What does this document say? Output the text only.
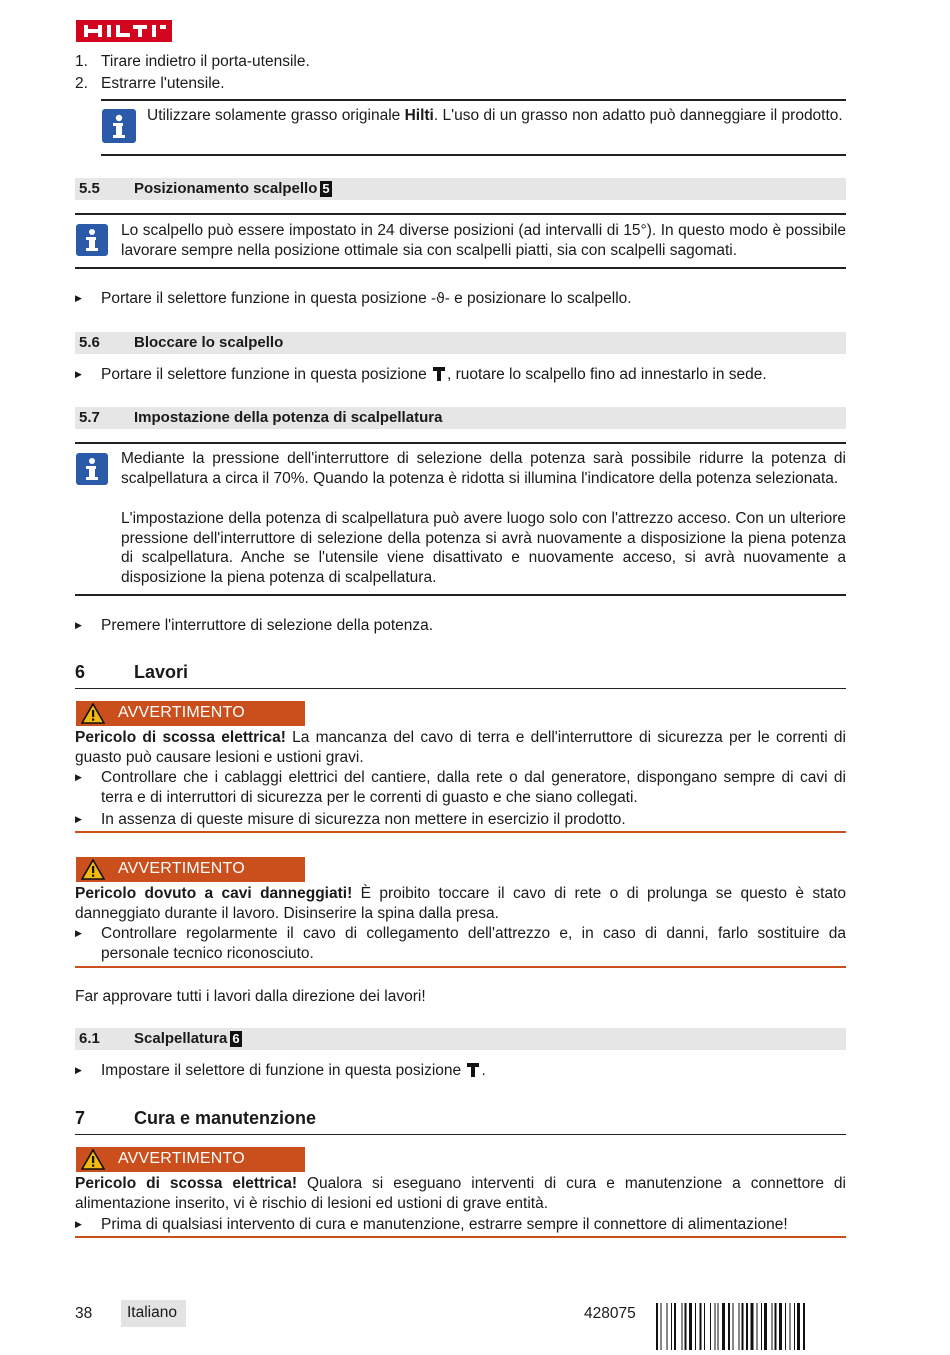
1. Tirare indietro il porta-utensile.
2. Estrarre l'utensile.
Utilizzare solamente grasso originale Hilti. L'uso di un grasso non adatto può danneggiare il prodotto.
5.5 Posizionamento scalpello 5
Lo scalpello può essere impostato in 24 diverse posizioni (ad intervalli di 15°). In questo modo è possibile lavorare sempre nella posizione ottimale sia con scalpelli piatti, sia con scalpelli sagomati.
▶ Portare il selettore funzione in questa posizione -ϑ- e posizionare lo scalpello.
5.6 Bloccare lo scalpello
▶ Portare il selettore funzione in questa posizione , ruotare lo scalpello fino ad innestarlo in sede.
5.7 Impostazione della potenza di scalpellatura
Mediante la pressione dell'interruttore di selezione della potenza sarà possibile ridurre la potenza di scalpellatura a circa il 70%. Quando la potenza è ridotta si illumina l'indicatore della potenza selezionata.
L'impostazione della potenza di scalpellatura può avere luogo solo con l'attrezzo acceso. Con un ulteriore pressione dell'interruttore di selezione della potenza si avrà nuovamente a disposizione la piena potenza di scalpellatura. Anche se l'utensile viene disattivato e nuovamente acceso, si avrà nuovamente a disposizione la piena potenza di scalpellatura.
▶ Premere l'interruttore di selezione della potenza.
6	Lavori
AVVERTIMENTO
Pericolo di scossa elettrica! La mancanza del cavo di terra e dell'interruttore di sicurezza per le correnti di guasto può causare lesioni e ustioni gravi.
▶ Controllare che i cablaggi elettrici del cantiere, dalla rete o dal generatore, dispongano sempre di cavi di terra e di interruttori di sicurezza per le correnti di guasto e che siano collegati.
▶ In assenza di queste misure di sicurezza non mettere in esercizio il prodotto.
AVVERTIMENTO
Pericolo dovuto a cavi danneggiati! È proibito toccare il cavo di rete o di prolunga se questo è stato danneggiato durante il lavoro. Disinserire la spina dalla presa.
▶ Controllare regolarmente il cavo di collegamento dell'attrezzo e, in caso di danni, farlo sostituire da personale tecnico riconosciuto.
Far approvare tutti i lavori dalla direzione dei lavori!
6.1 Scalpellatura 6
▶ Impostare il selettore di funzione in questa posizione .
7	Cura e manutenzione
AVVERTIMENTO
Pericolo di scossa elettrica! Qualora si eseguano interventi di cura e manutenzione a connettore di alimentazione inserito, vi è rischio di lesioni ed ustioni di grave entità.
▶ Prima di qualsiasi intervento di cura e manutenzione, estrarre sempre il connettore di alimentazione!
38 Italiano	428075
